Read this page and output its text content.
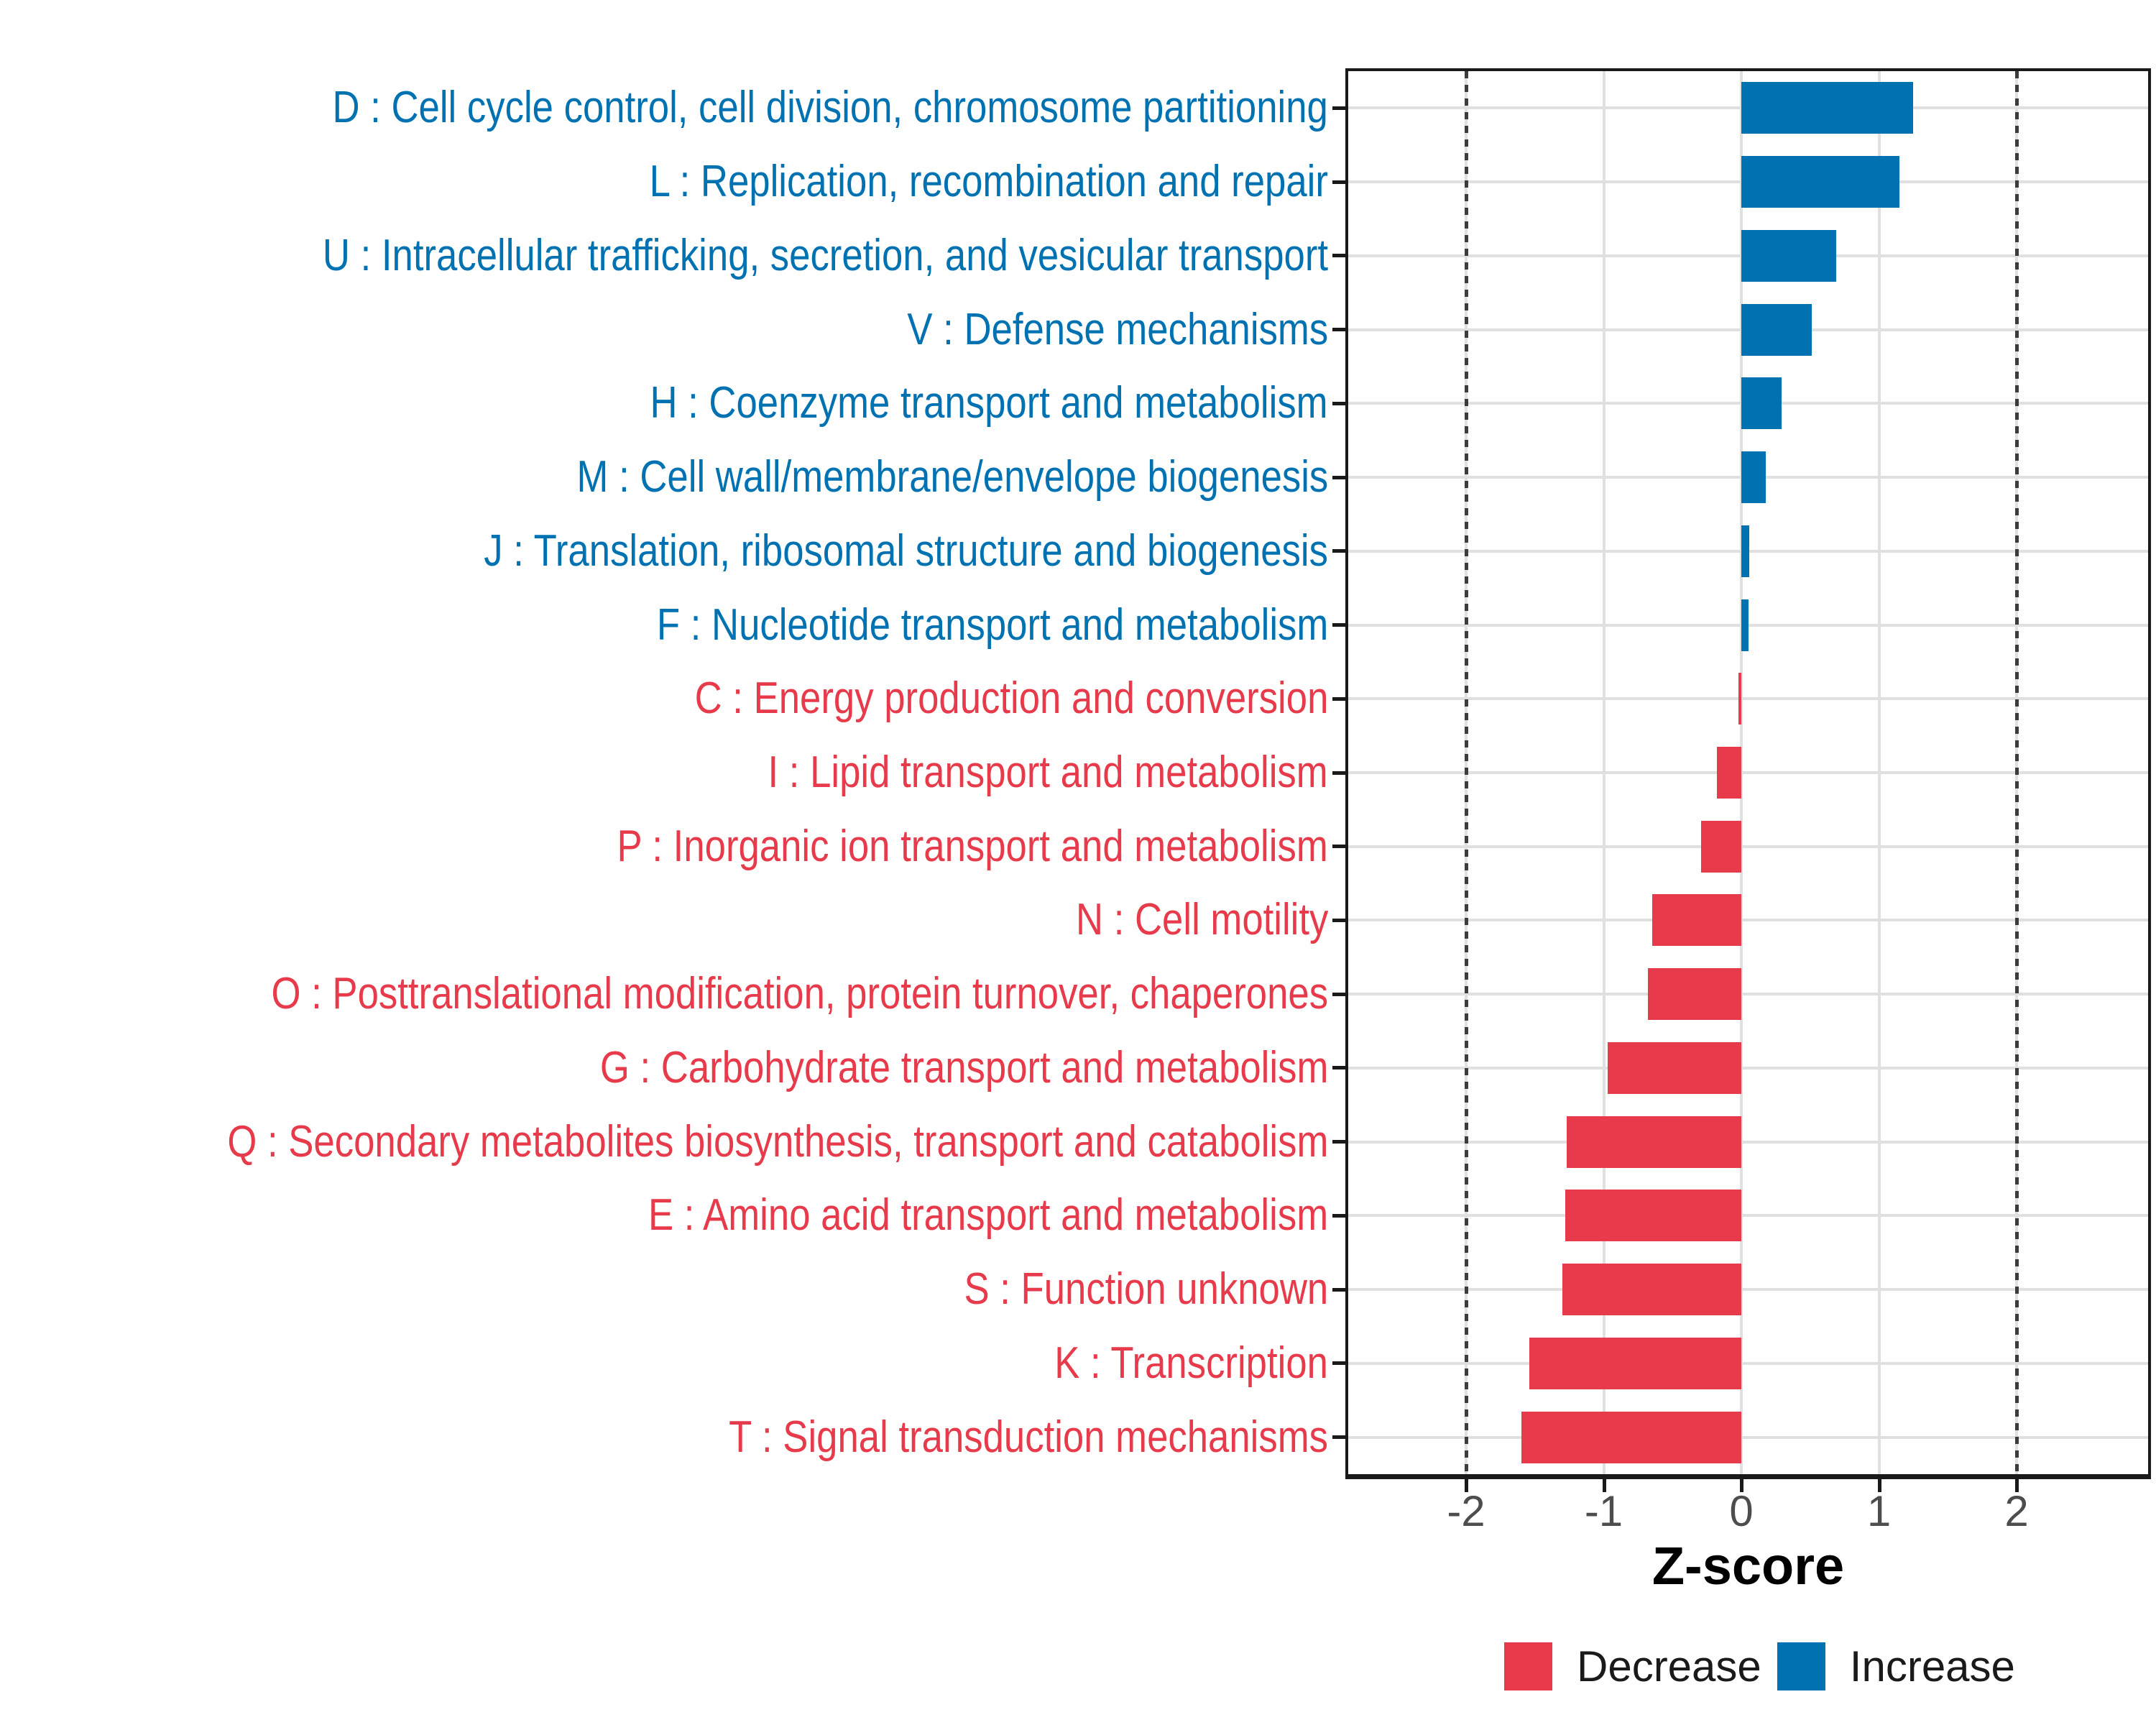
D : Cell cycle control, cell division, chromosome partitioning
L : Replication, recombination and repair
U : Intracellular trafficking, secretion, and vesicular transport
V : Defense mechanisms
H : Coenzyme transport and metabolism
M : Cell wall/membrane/envelope biogenesis
J : Translation, ribosomal structure and biogenesis
F : Nucleotide transport and metabolism
C : Energy production and conversion
I : Lipid transport and metabolism
P : Inorganic ion transport and metabolism
N : Cell motility
O : Posttranslational modification, protein turnover, chaperones
G : Carbohydrate transport and metabolism
Q : Secondary metabolites biosynthesis, transport and catabolism
E : Amino acid transport and metabolism
S : Function unknown
K : Transcription
T : Signal transduction mechanisms
-2	-1	0	1	2
Z-score
Decrease Increase
